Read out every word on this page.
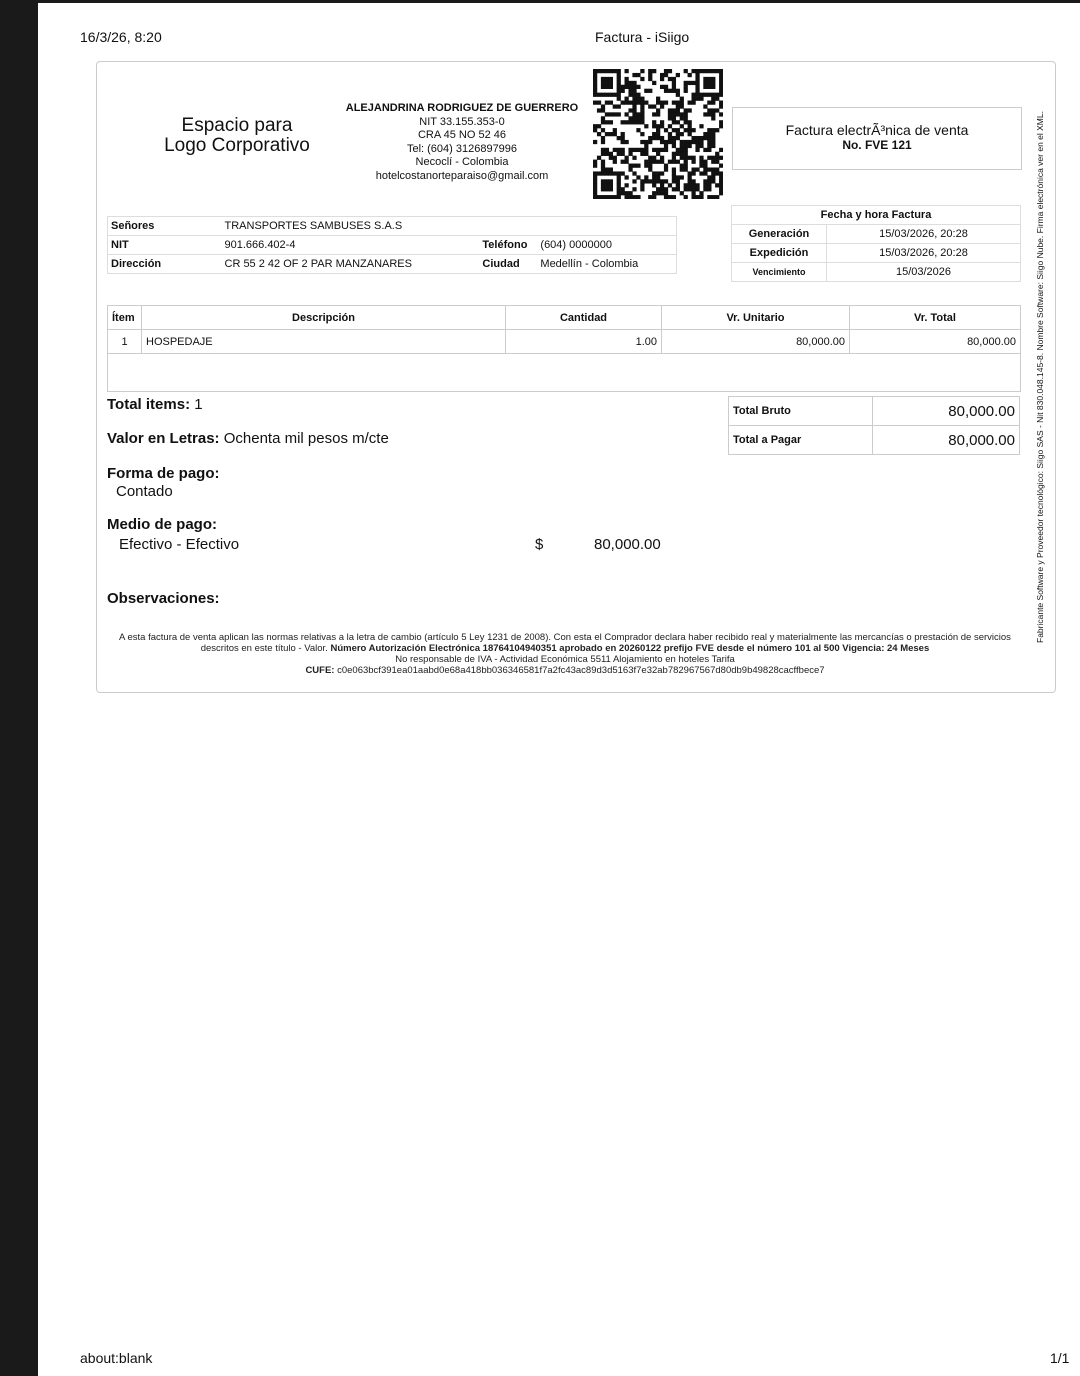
16/3/26, 8:20	Factura - iSiigo
about:blank	1/1
Espacio para
Logo Corporativo
ALEJANDRINA RODRIGUEZ DE GUERRERO
NIT 33.155.353-0
CRA 45 NO 52 46
Tel: (604) 3126897996
Necoclí - Colombia
hotelcostanorteparaiso@gmail.com
Factura electrÃ³nica de venta
No. FVE 121
Señores	TRANSPORTES SAMBUSES S.A.S		
NIT	901.666.402-4	Teléfono	(604) 0000000
Dirección	CR 55 2 42 OF 2 PAR MANZANARES	Ciudad	Medellín - Colombia
Fecha y hora Factura	
Generación	15/03/2026, 20:28
Expedición	15/03/2026, 20:28
Vencimiento	15/03/2026
Ítem	Descripción	Cantidad	Vr. Unitario	Vr. Total
1	HOSPEDAJE	1.00	80,000.00	80,000.00

Total items: 1
Valor en Letras: Ochenta mil pesos m/cte
Forma de pago:
Contado
Medio de pago:
Efectivo - Efectivo	$	80,000.00
Observaciones:
Total Bruto	80,000.00
Total a Pagar	80,000.00
A esta factura de venta aplican las normas relativas a la letra de cambio (artículo 5 Ley 1231 de 2008). Con esta el Comprador declara haber recibido real y materialmente las mercancías o prestación de servicios descritos en este título - Valor. Número Autorización Electrónica 18764104940351 aprobado en 20260122 prefijo FVE desde el número 101 al 500 Vigencia: 24 Meses
No responsable de IVA - Actividad Económica 5511 Alojamiento en hoteles Tarifa
CUFE: c0e063bcf391ea01aabd0e68a418bb036346581f7a2fc43ac89d3d5163f7e32ab782967567d80db9b49828cacffbece7
Fabricante Software y Proveedor tecnológico: Siigo SAS - Nit 830.048.145-8. Nombre Software: Siigo Nube. Firma electrónica ver en el XML.
